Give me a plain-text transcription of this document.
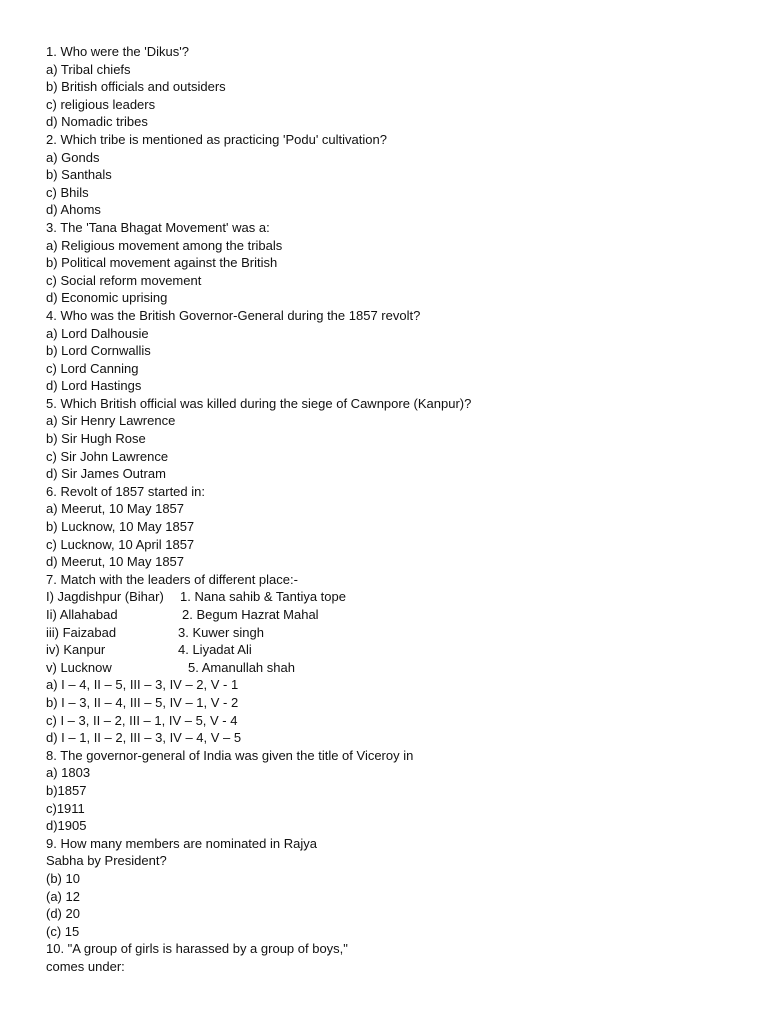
1. Who were the 'Dikus'?
a) Tribal chiefs
b) British officials and outsiders
c) religious leaders
d) Nomadic tribes
2. Which tribe is mentioned as practicing 'Podu' cultivation?
a) Gonds
b) Santhals
c) Bhils
d) Ahoms
3. The 'Tana Bhagat Movement' was a:
a) Religious movement among the tribals
b) Political movement against the British
c) Social reform movement
d) Economic uprising
4. Who was the British Governor-General during the 1857 revolt?
a) Lord Dalhousie
b) Lord Cornwallis
c) Lord Canning
d) Lord Hastings
5. Which British official was killed during the siege of Cawnpore (Kanpur)?
a) Sir Henry Lawrence
b) Sir Hugh Rose
c) Sir John Lawrence
d) Sir James Outram
6. Revolt of 1857 started in:
a) Meerut, 10 May 1857
b) Lucknow, 10 May 1857
c) Lucknow, 10 April 1857
d) Meerut, 10 May 1857
7. Match with the leaders of different place:-
I) Jagdishpur (Bihar) 1. Nana sahib & Tantiya tope
Ii) Allahabad	2. Begum Hazrat Mahal
iii) Faizabad	3. Kuwer singh
iv) Kanpur	4. Liyadat Ali
v) Lucknow	5. Amanullah shah
a) I – 4, II – 5, III – 3, IV – 2, V - 1
b) I – 3, II – 4, III – 5, IV – 1, V - 2
c) I – 3, II – 2, III – 1, IV – 5, V - 4
d) I – 1, II – 2, III – 3, IV – 4, V – 5
8. The governor-general of India was given the title of Viceroy in
a) 1803
b)1857
c)1911
d)1905
9. How many members are nominated in Rajya
Sabha by President?
(b) 10
(a) 12
(d) 20
(c) 15
10. "A group of girls is harassed by a group of boys,"
comes under:
